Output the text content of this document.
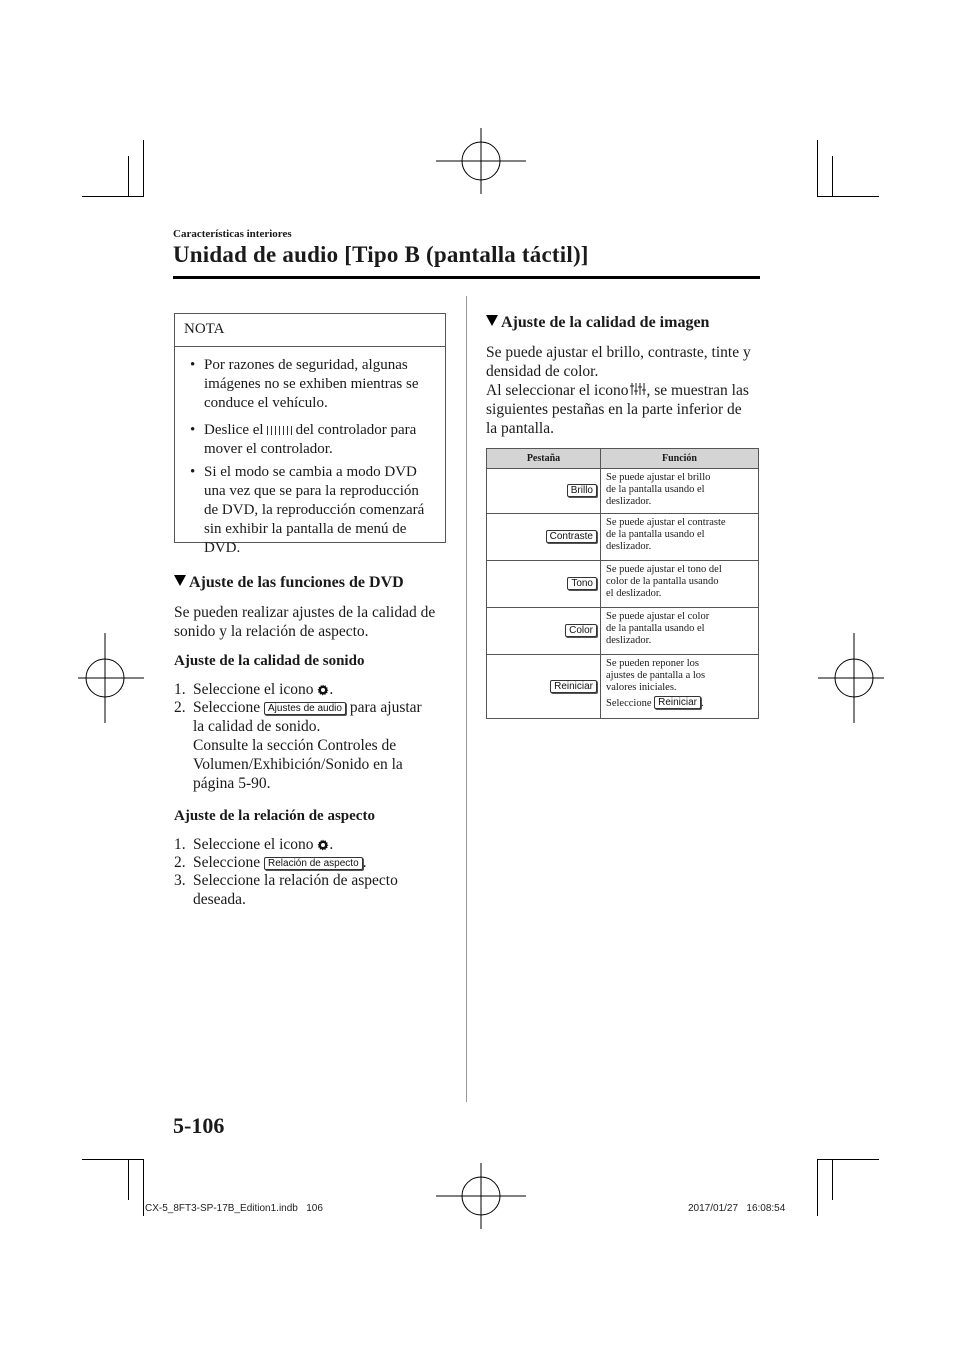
Características interiores
Unidad de audio [Tipo B (pantalla táctil)]
NOTA
• Por razones de seguridad, algunas
imágenes no se exhiben mientras se
conduce el vehículo.
• Deslice el del controlador para
mover el controlador.
• Si el modo se cambia a modo DVD
una vez que se para la reproducción
de DVD, la reproducción comenzará
sin exhibir la pantalla de menú de
DVD.
Ajuste de las funciones de DVD
Se pueden realizar ajustes de la calidad de
sonido y la relación de aspecto.
Ajuste de la calidad de sonido
1. Seleccione el icono .
2. Seleccione Ajustes de audio para ajustar
la calidad de sonido.
Consulte la sección Controles de
Volumen/Exhibición/Sonido en la
página 5-90.
Ajuste de la relación de aspecto
1. Seleccione el icono .
2. Seleccione Relación de aspecto .
3. Seleccione la relación de aspecto
deseada.
Ajuste de la calidad de imagen
Se puede ajustar el brillo, contraste, tinte y
densidad de color.
Al seleccionar el icono , se muestran las
siguientes pestañas en la parte inferior de
la pantalla.
Pestaña	Función
Brillo	Se puede ajustar el brillo
de la pantalla usando el
deslizador.

Contraste	Se puede ajustar el contraste
de la pantalla usando el
deslizador.

Tono	Se puede ajustar el tono del
color de la pantalla usando
el deslizador.

Color	Se puede ajustar el color
de la pantalla usando el
deslizador.

Reiniciar	Se pueden reponer los
ajustes de pantalla a los
valores iniciales.
Seleccione Reiniciar .
5-106
CX-5_8FT3-SP-17B_Edition1.indb   106	2017/01/27   16:08:54
